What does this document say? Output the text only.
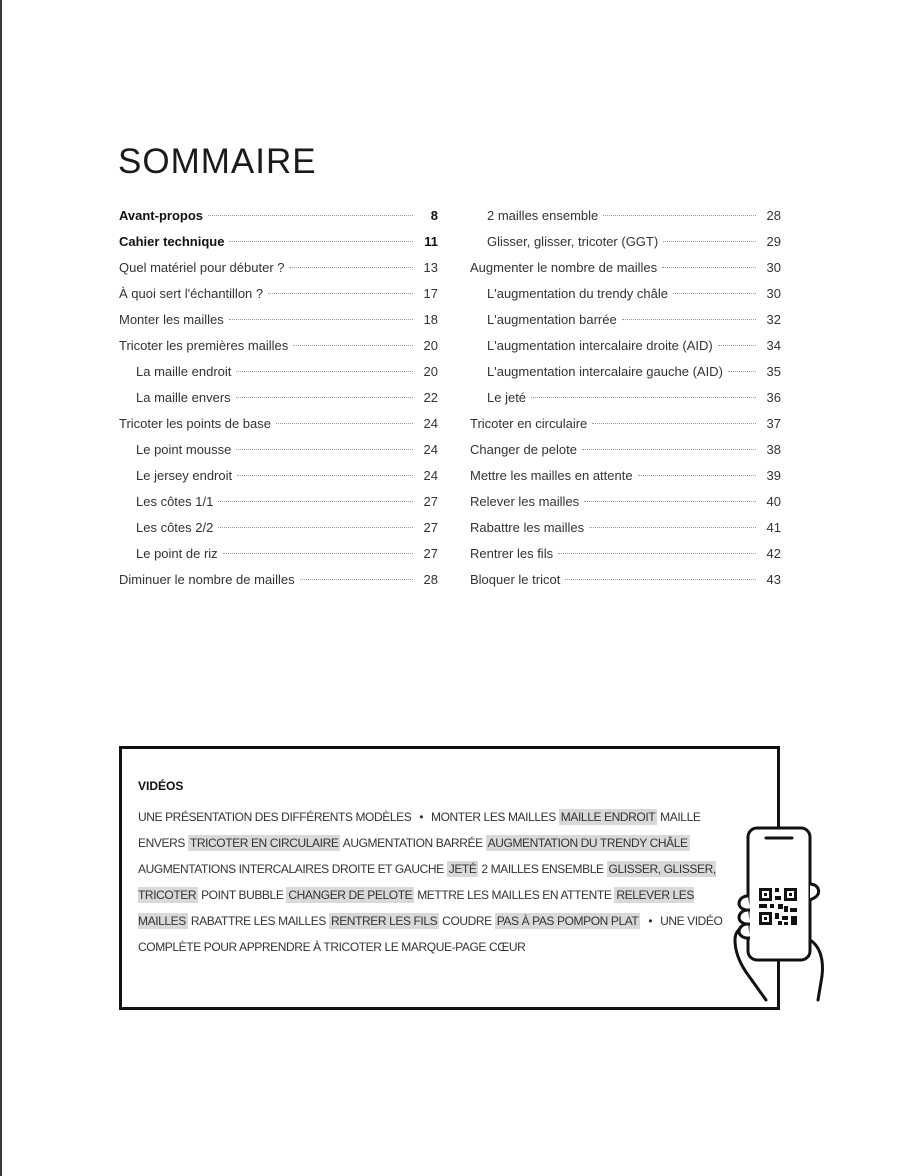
SOMMAIRE
Avant-propos	8
Cahier technique	11
Quel matériel pour débuter ?	13
À quoi sert l'échantillon ?	17
Monter les mailles	18
Tricoter les premières mailles	20
La maille endroit	20
La maille envers	22
Tricoter les points de base	24
Le point mousse	24
Le jersey endroit	24
Les côtes 1/1	27
Les côtes 2/2	27
Le point de riz	27
Diminuer le nombre de mailles	28
2 mailles ensemble	28
Glisser, glisser, tricoter (GGT)	29
Augmenter le nombre de mailles	30
L'augmentation du trendy châle	30
L'augmentation barrée	32
L'augmentation intercalaire droite (AID)	34
L'augmentation intercalaire gauche (AID)	35
Le jeté	36
Tricoter en circulaire	37
Changer de pelote	38
Mettre les mailles en attente	39
Relever les mailles	40
Rabattre les mailles	41
Rentrer les fils	42
Bloquer le tricot	43
VIDÉOS

UNE PRÉSENTATION DES DIFFÉRENTS MODÈLES • MONTER LES MAILLES MAILLE ENDROIT MAILLE ENVERS TRICOTER EN CIRCULAIRE AUGMENTATION BARRÉE AUGMENTATION DU TRENDY CHÂLE AUGMENTATIONS INTERCALAIRES DROITE ET GAUCHE JETÉ 2 MAILLES ENSEMBLE GLISSER, GLISSER, TRICOTER POINT BUBBLE CHANGER DE PELOTE METTRE LES MAILLES EN ATTENTE RELEVER LES MAILLES RABATTRE LES MAILLES RENTRER LES FILS COUDRE PAS À PAS POMPON PLAT • UNE VIDÉO COMPLÈTE POUR APPRENDRE À TRICOTER LE MARQUE-PAGE CŒUR
